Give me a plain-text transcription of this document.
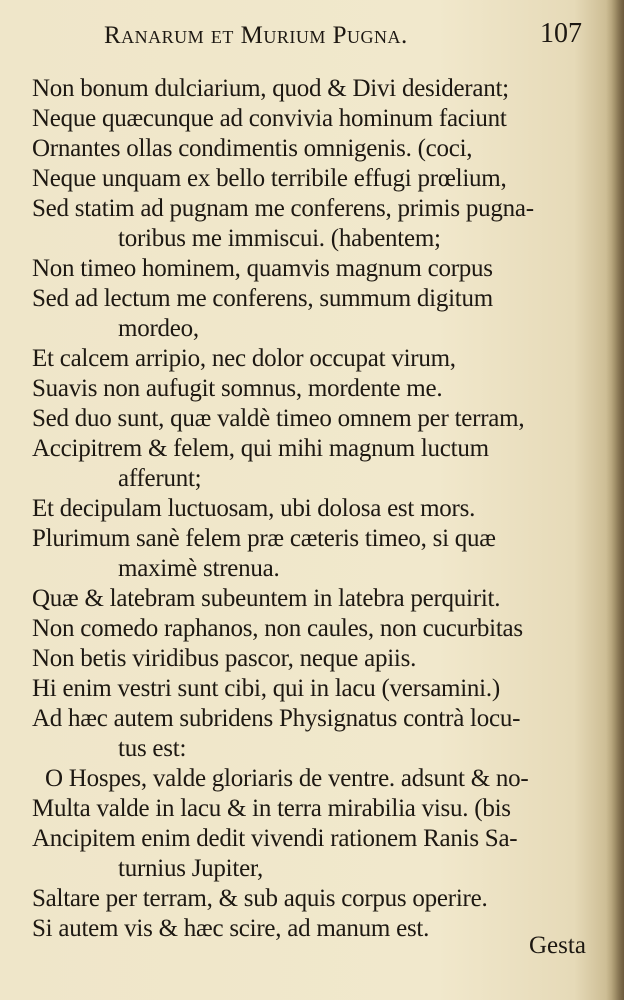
Ranarum et Murium Pugna.	107
Non bonum dulciarium, quod & Divi desiderant;
Neque quæcunque ad convivia hominum faciunt
Ornantes ollas condimentis omnigenis. (coci,
Neque unquam ex bello terribile effugi prœlium,
Sed statim ad pugnam me conferens, primis pugna-
toribus me immiscui. (habentem;
Non timeo hominem, quamvis magnum corpus
Sed ad lectum me conferens, summum digitum
mordeo,
Et calcem arripio, nec dolor occupat virum,
Suavis non aufugit somnus, mordente me.
Sed duo sunt, quæ valdè timeo omnem per terram,
Accipitrem & felem, qui mihi magnum luctum
afferunt;
Et decipulam luctuosam, ubi dolosa est mors.
Plurimum sanè felem præ cæteris timeo, si quæ
maximè strenua.
Quæ & latebram subeuntem in latebra perquirit.
Non comedo raphanos, non caules, non cucurbitas
Non betis viridibus pascor, neque apiis.
Hi enim vestri sunt cibi, qui in lacu (versamini.)
Ad hæc autem subridens Physignatus contrà locu-
tus est:
O Hospes, valde gloriaris de ventre. adsunt & no-
Multa valde in lacu & in terra mirabilia visu. (bis
Ancipitem enim dedit vivendi rationem Ranis Sa-
turnius Jupiter,
Saltare per terram, & sub aquis corpus operire.
Si autem vis & hæc scire, ad manum est.
Gesta
